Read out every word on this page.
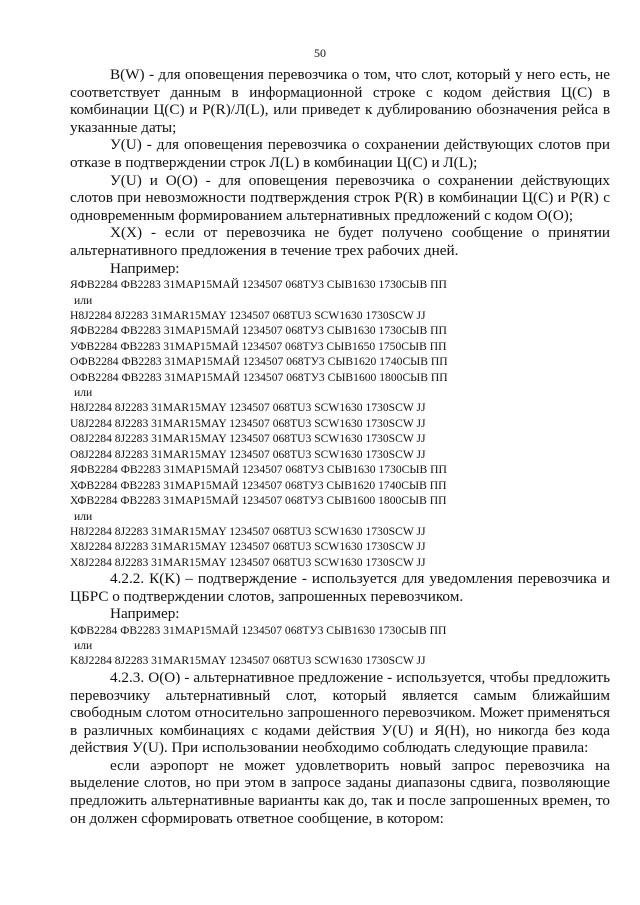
50

В(W) - для оповещения перевозчика о том, что слот, который у него есть, не соответствует данным в информационной строке с кодом действия Ц(С) в комбинации Ц(С) и Р(R)/Л(L), или приведет к дублированию обозначения рейса в указанные даты;

У(U) - для оповещения перевозчика о сохранении действующих слотов при отказе в подтверждении строк Л(L) в комбинации Ц(С) и Л(L);

У(U) и О(O) - для оповещения перевозчика о сохранении действующих слотов при невозможности подтверждения строк Р(R) в комбинации Ц(С) и Р(R) с одновременным формированием альтернативных предложений с кодом О(O);

Х(X) - если от перевозчика не будет получено сообщение о принятии альтернативного предложения в течение трех рабочих дней.

Например:

ЯФВ2284 ФВ2283 31МАР15МАЙ 1234507 068ТУ3 СЫВ1630 1730СЫВ ПП

или

H8J2284 8J2283 31MAR15MAY 1234507 068TU3 SCW1630 1730SCW JJ

ЯФВ2284 ФВ2283 31МАР15МАЙ 1234507 068ТУ3 СЫВ1630 1730СЫВ ПП

УФВ2284 ФВ2283 31МАР15МАЙ 1234507 068ТУ3 СЫВ1650 1750СЫВ ПП

ОФВ2284 ФВ2283 31МАР15МАЙ 1234507 068ТУ3 СЫВ1620 1740СЫВ ПП

ОФВ2284 ФВ2283 31МАР15МАЙ 1234507 068ТУ3 СЫВ1600 1800СЫВ ПП

или

H8J2284 8J2283 31MAR15MAY 1234507 068TU3 SCW1630 1730SCW JJ

U8J2284 8J2283 31MAR15MAY 1234507 068TU3 SCW1630 1730SCW JJ

O8J2284 8J2283 31MAR15MAY 1234507 068TU3 SCW1630 1730SCW JJ

O8J2284 8J2283 31MAR15MAY 1234507 068TU3 SCW1630 1730SCW JJ

ЯФВ2284 ФВ2283 31МАР15МАЙ 1234507 068ТУ3 СЫВ1630 1730СЫВ ПП

ХФВ2284 ФВ2283 31МАР15МАЙ 1234507 068ТУ3 СЫВ1620 1740СЫВ ПП

ХФВ2284 ФВ2283 31МАР15МАЙ 1234507 068ТУ3 СЫВ1600 1800СЫВ ПП

или

H8J2284 8J2283 31MAR15MAY 1234507 068TU3 SCW1630 1730SCW JJ

X8J2284 8J2283 31MAR15MAY 1234507 068TU3 SCW1630 1730SCW JJ

X8J2284 8J2283 31MAR15MAY 1234507 068TU3 SCW1630 1730SCW JJ

4.2.2. К(K) – подтверждение - используется для уведомления перевозчика и ЦБРС о подтверждении слотов, запрошенных перевозчиком.

Например:

КФВ2284 ФВ2283 31МАР15МАЙ 1234507 068ТУ3 СЫВ1630 1730СЫВ ПП

или

K8J2284 8J2283 31MAR15MAY 1234507 068TU3 SCW1630 1730SCW JJ

4.2.3. О(O) - альтернативное предложение - используется, чтобы предложить перевозчику альтернативный слот, который является самым ближайшим свободным слотом относительно запрошенного перевозчиком. Может применяться в различных комбинациях с кодами действия У(U) и Я(H), но никогда без кода действия У(U). При использовании необходимо соблюдать следующие правила:

если аэропорт не может удовлетворить новый запрос перевозчика на выделение слотов, но при этом в запросе заданы диапазоны сдвига, позволяющие предложить альтернативные варианты как до, так и после запрошенных времен, то он должен сформировать ответное сообщение, в котором:
